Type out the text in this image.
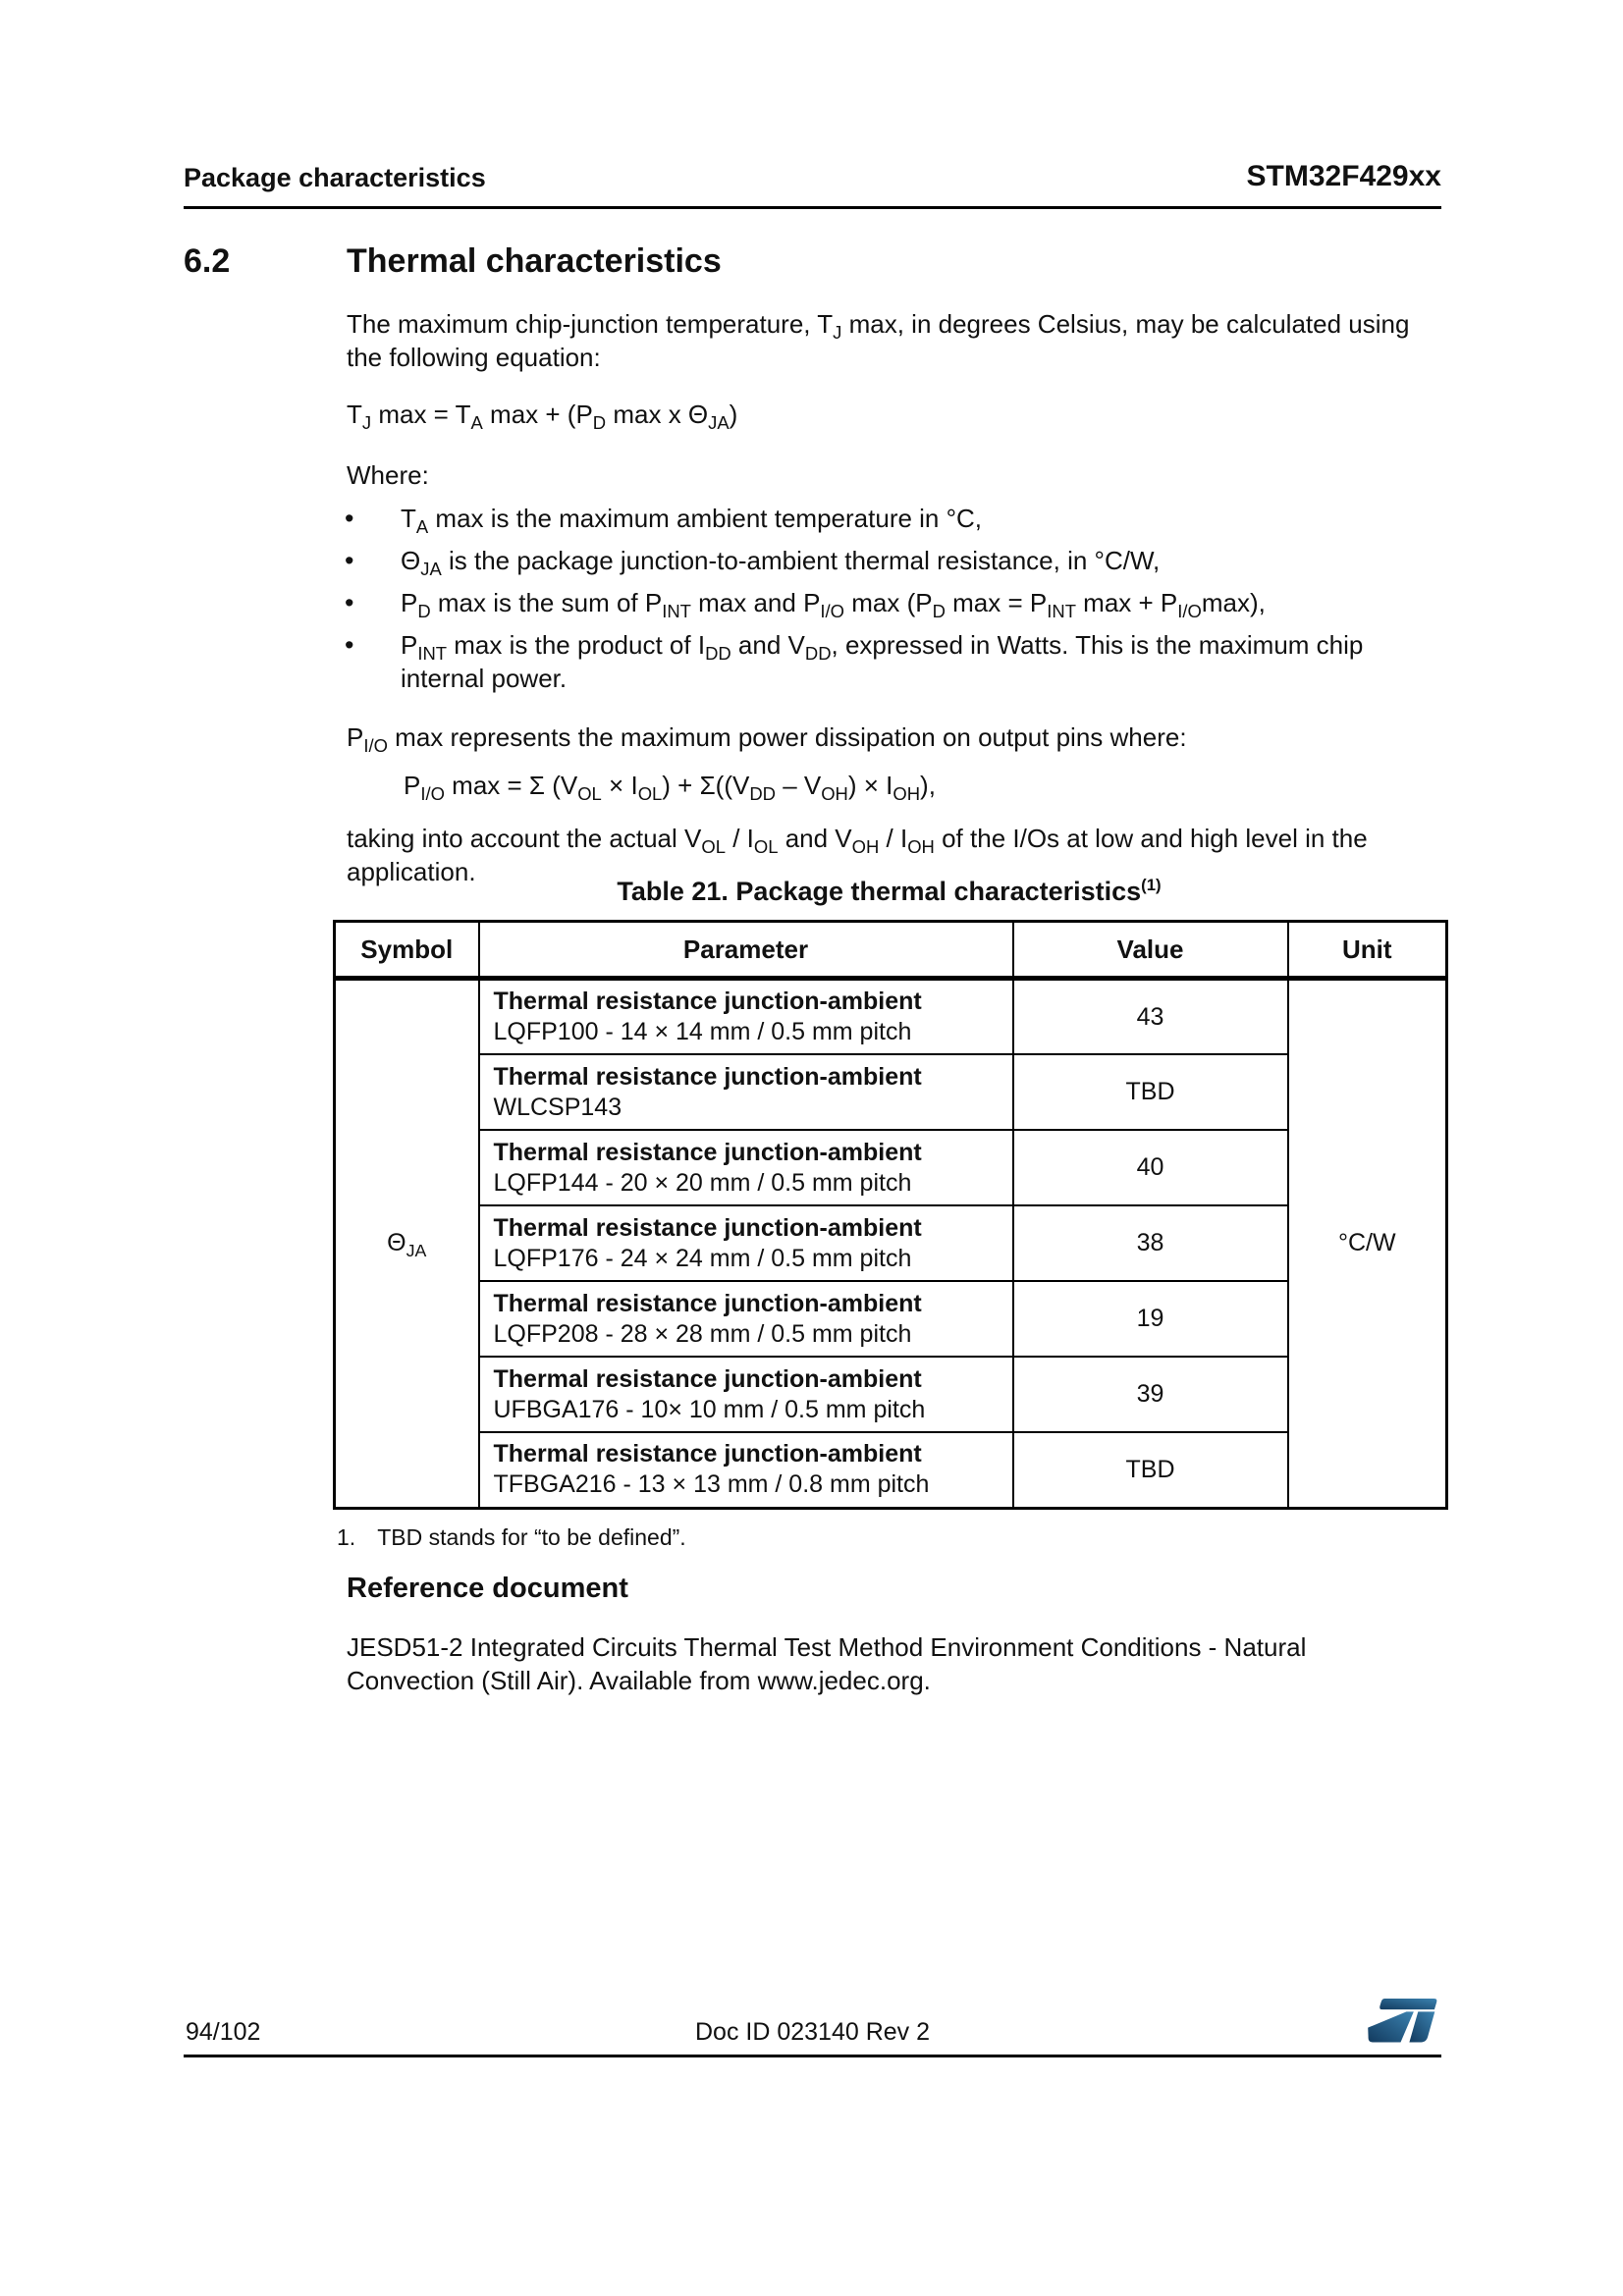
Package characteristics	STM32F429xx
6.2	Thermal characteristics

The maximum chip-junction temperature, $T_J$ max, in degrees Celsius, may be calculated using the following equation:

$T_J$ $\max = T_A$ $\max + (P_D$ max x $\Theta_{JA}$)

Where:

• $T_A$ max is the maximum ambient temperature in °C,
• $\Theta_{JA}$ is the package junction-to-ambient thermal resistance, in °C/W,
• $P_D$ max is the sum of $P_{INT}$ max and $P_{I/O}$ $\max (P_D$ $\max = P_{INT}$ $\max + P_{I/O}\max$),
• $P_{INT}$ max is the product of $I_{DD}$ and $V_{DD}$, expressed in Watts. This is the maximum chip internal power.

$P_{I/O}$ max represents the maximum power dissipation on output pins where:

$P_{I/O}$ max = Σ $(V_{OL} \times I_{OL}) + \Sigma((V_{DD} - V_{OH}) \times I_{OH})$,

taking into account the actual $V_{OL} / I_{OL}$ and $V_{OH} / I_{OH}$ of the I/Os at low and high level in the application.

Table 21. Package thermal characteristics$^{(1)}$
Symbol	Parameter	Value	Unit
$\Theta_{JA}$	Thermal resistance junction-ambient
LQFP100 - 14 × 14 mm / 0.5 mm pitch	43	°C/W

	Thermal resistance junction-ambient
WLCSP143	TBD	

	Thermal resistance junction-ambient
LQFP144 - 20 × 20 mm / 0.5 mm pitch	40	

	Thermal resistance junction-ambient
LQFP176 - 24 × 24 mm / 0.5 mm pitch	38	

	Thermal resistance junction-ambient
LQFP208 - 28 × 28 mm / 0.5 mm pitch	19	

	Thermal resistance junction-ambient
UFBGA176 - 10× 10 mm / 0.5 mm pitch	39	

	Thermal resistance junction-ambient
TFBGA216 - 13 × 13 mm / 0.8 mm pitch	TBD	
1. TBD stands for “to be defined”.
Reference document

JESD51-2 Integrated Circuits Thermal Test Method Environment Conditions - Natural Convection (Still Air). Available from www.jedec.org.

94/102	Doc ID 023140 Rev 2
